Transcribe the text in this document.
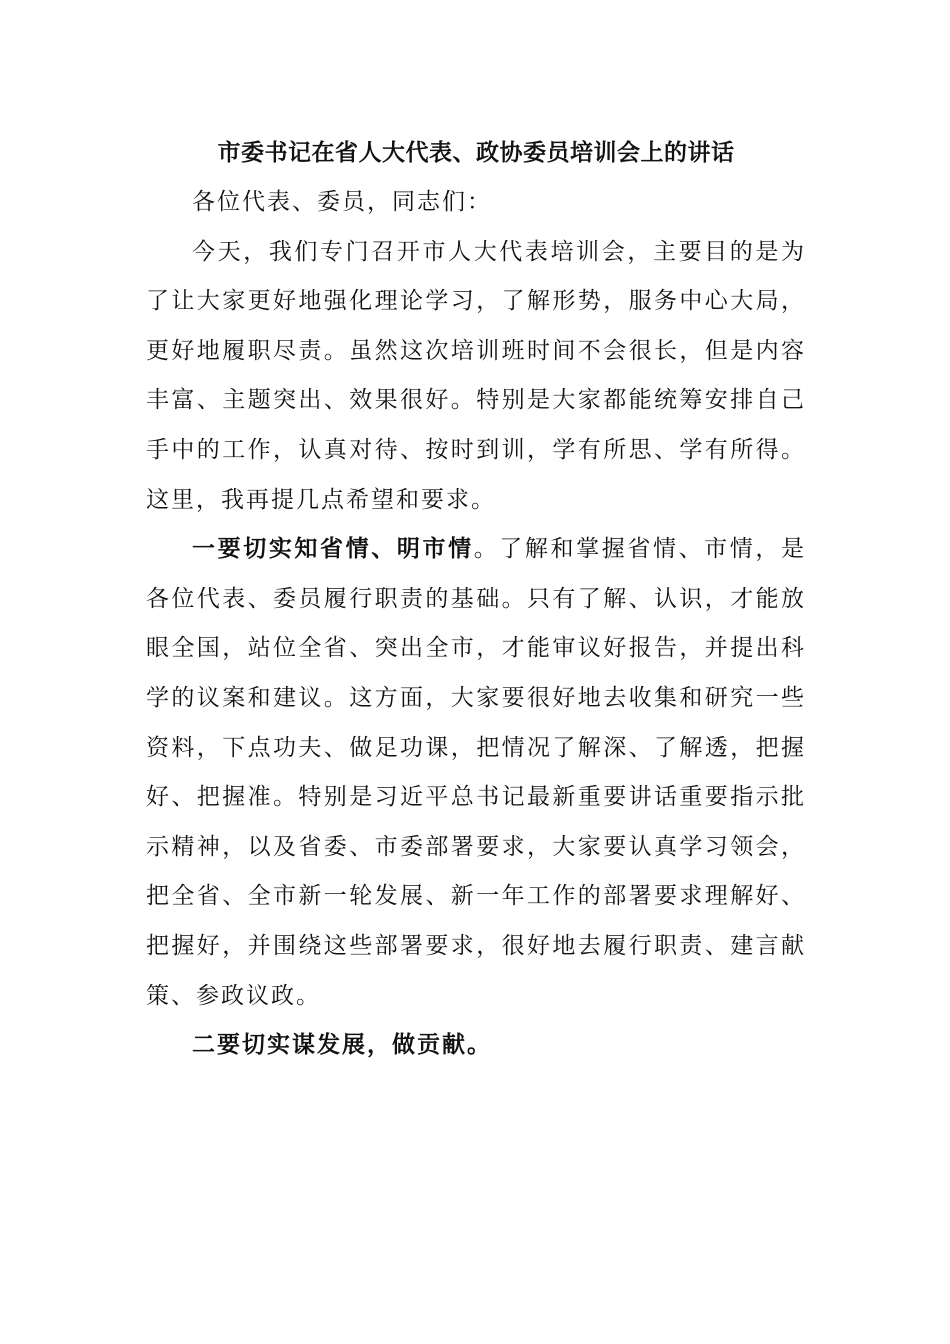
市委书记在省人大代表、政协委员培训会上的讲话

各位代表、委员，同志们：

今天，我们专门召开市人大代表培训会，主要目的是为了让大家更好地强化理论学习，了解形势，服务中心大局，更好地履职尽责。虽然这次培训班时间不会很长，但是内容丰富、主题突出、效果很好。特别是大家都能统筹安排自己手中的工作，认真对待、按时到训，学有所思、学有所得。这里，我再提几点希望和要求。

一要切实知省情、明市情。了解和掌握省情、市情，是各位代表、委员履行职责的基础。只有了解、认识，才能放眼全国，站位全省、突出全市，才能审议好报告，并提出科学的议案和建议。这方面，大家要很好地去收集和研究一些资料，下点功夫、做足功课，把情况了解深、了解透，把握好、把握准。特别是习近平总书记最新重要讲话重要指示批示精神，以及省委、市委部署要求，大家要认真学习领会，把全省、全市新一轮发展、新一年工作的部署要求理解好、把握好，并围绕这些部署要求，很好地去履行职责、建言献策、参政议政。

二要切实谋发展，做贡献。
